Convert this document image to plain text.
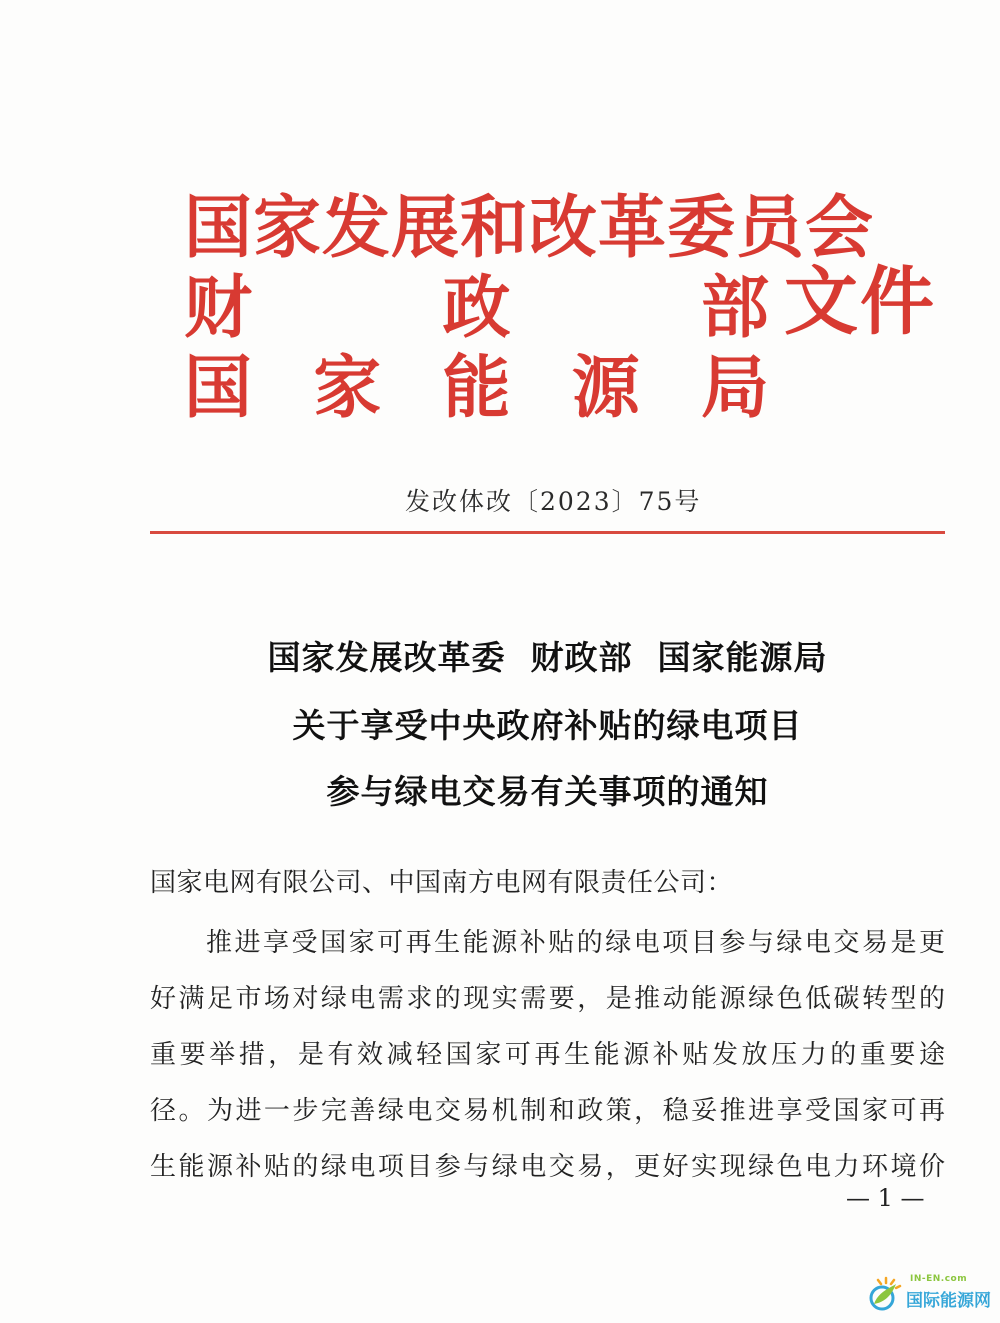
国家发展和改革委员会
财	政	部
国 家 能 源 局
文件
发改体改〔2023〕75号
国家发展改革委  财政部  国家能源局
关于享受中央政府补贴的绿电项目
参与绿电交易有关事项的通知
国家电网有限公司、中国南方电网有限责任公司：
推进享受国家可再生能源补贴的绿电项目参与绿电交易是更
好满足市场对绿电需求的现实需要，是推动能源绿色低碳转型的
重要举措，是有效减轻国家可再生能源补贴发放压力的重要途
径。为进一步完善绿电交易机制和政策，稳妥推进享受国家可再
生能源补贴的绿电项目参与绿电交易，更好实现绿色电力环境价
— 1 —
IN-EN.com
国际能源网
